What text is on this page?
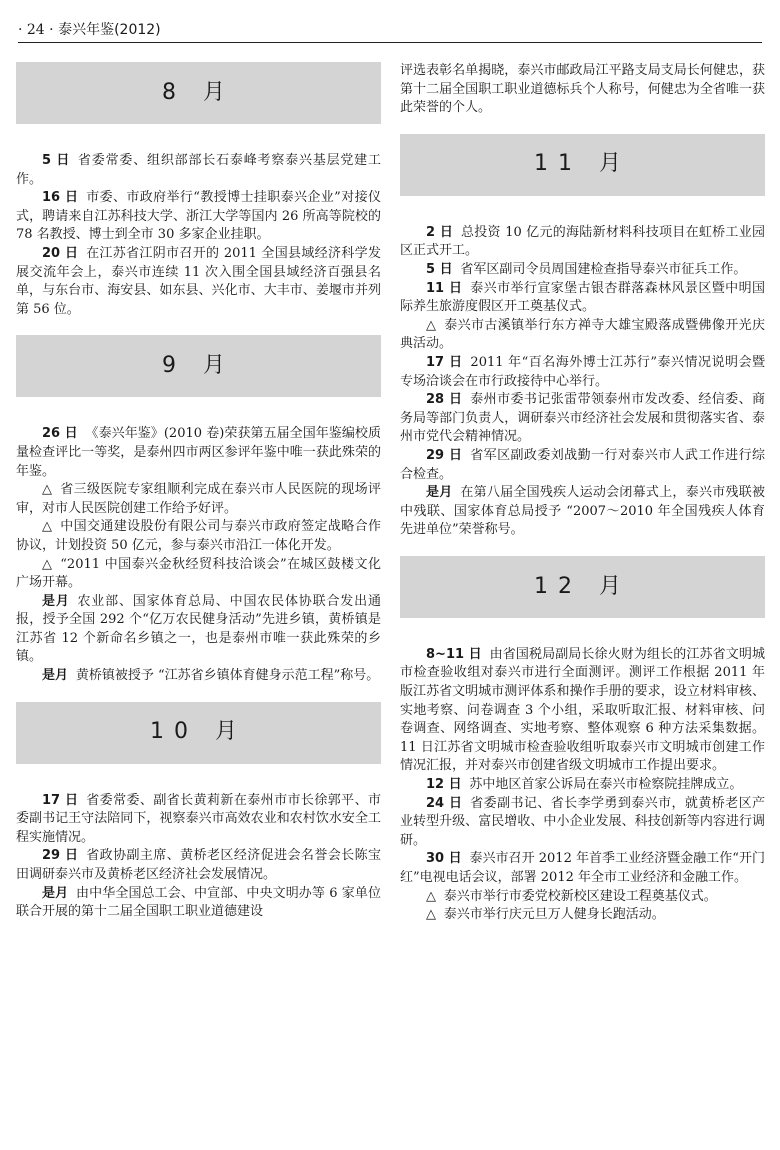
· 24 · 泰兴年鉴(2012)
8 月

5 日 省委常委、组织部部长石泰峰考察泰兴基层党建工作。

16 日 市委、市政府举行“教授博士挂职泰兴企业”对接仪式，聘请来自江苏科技大学、浙江大学等国内 26 所高等院校的 78 名教授、博士到全市 30 多家企业挂职。

20 日 在江苏省江阴市召开的 2011 全国县域经济科学发展交流年会上，泰兴市连续 11 次入围全国县域经济百强县名单，与东台市、海安县、如东县、兴化市、大丰市、姜堰市并列第 56 位。

9 月

26 日 《泰兴年鉴》(2010 卷)荣获第五届全国年鉴编校质量检查评比一等奖，是泰州四市两区参评年鉴中唯一获此殊荣的年鉴。

△ 省三级医院专家组顺利完成在泰兴市人民医院的现场评审，对市人民医院创建工作给予好评。

△ 中国交通建设股份有限公司与泰兴市政府签定战略合作协议，计划投资 50 亿元，参与泰兴市沿江一体化开发。

△ “2011 中国泰兴金秋经贸科技洽谈会”在城区鼓楼文化广场开幕。

是月 农业部、国家体育总局、中国农民体协联合发出通报，授予全国 292 个“亿万农民健身活动”先进乡镇，黄桥镇是江苏省 12 个新命名乡镇之一，也是泰州市唯一获此殊荣的乡镇。

是月 黄桥镇被授予 “江苏省乡镇体育健身示范工程”称号。

10 月

17 日 省委常委、副省长黄莉新在泰州市市长徐郭平、市委副书记王守法陪同下，视察泰兴市高效农业和农村饮水安全工程实施情况。

29 日 省政协副主席、黄桥老区经济促进会名誉会长陈宝田调研泰兴市及黄桥老区经济社会发展情况。

是月 由中华全国总工会、中宣部、中央文明办等 6 家单位联合开展的第十二届全国职工职业道德建设

评选表彰名单揭晓，泰兴市邮政局江平路支局支局长何健忠，获第十二届全国职工职业道德标兵个人称号，何健忠为全省唯一获此荣誉的个人。

11 月

2 日 总投资 10 亿元的海陆新材料科技项目在虹桥工业园区正式开工。

5 日 省军区副司令员周国建检查指导泰兴市征兵工作。

11 日 泰兴市举行宣家堡古银杏群落森林风景区暨中明国际养生旅游度假区开工奠基仪式。

△ 泰兴市古溪镇举行东方禅寺大雄宝殿落成暨佛像开光庆典活动。

17 日 2011 年“百名海外博士江苏行”泰兴情况说明会暨专场洽谈会在市行政接待中心举行。

28 日 泰州市委书记张雷带领泰州市发改委、经信委、商务局等部门负责人，调研泰兴市经济社会发展和贯彻落实省、泰州市党代会精神情况。

29 日 省军区副政委刘战勤一行对泰兴市人武工作进行综合检查。

是月 在第八届全国残疾人运动会闭幕式上，泰兴市残联被中残联、国家体育总局授予 “2007～2010 年全国残疾人体育先进单位”荣誉称号。

12 月

8~11 日 由省国税局副局长徐火财为组长的江苏省文明城市检查验收组对泰兴市进行全面测评。测评工作根据 2011 年版江苏省文明城市测评体系和操作手册的要求，设立材料审核、实地考察、问卷调查 3 个小组，采取听取汇报、材料审核、问卷调查、网络调查、实地考察、整体观察 6 种方法采集数据。11 日江苏省文明城市检查验收组听取泰兴市文明城市创建工作情况汇报，并对泰兴市创建省级文明城市工作提出要求。

12 日 苏中地区首家公诉局在泰兴市检察院挂牌成立。

24 日 省委副书记、省长李学勇到泰兴市，就黄桥老区产业转型升级、富民增收、中小企业发展、科技创新等内容进行调研。

30 日 泰兴市召开 2012 年首季工业经济暨金融工作“开门红”电视电话会议，部署 2012 年全市工业经济和金融工作。

△ 泰兴市举行市委党校新校区建设工程奠基仪式。

△ 泰兴市举行庆元旦万人健身长跑活动。
